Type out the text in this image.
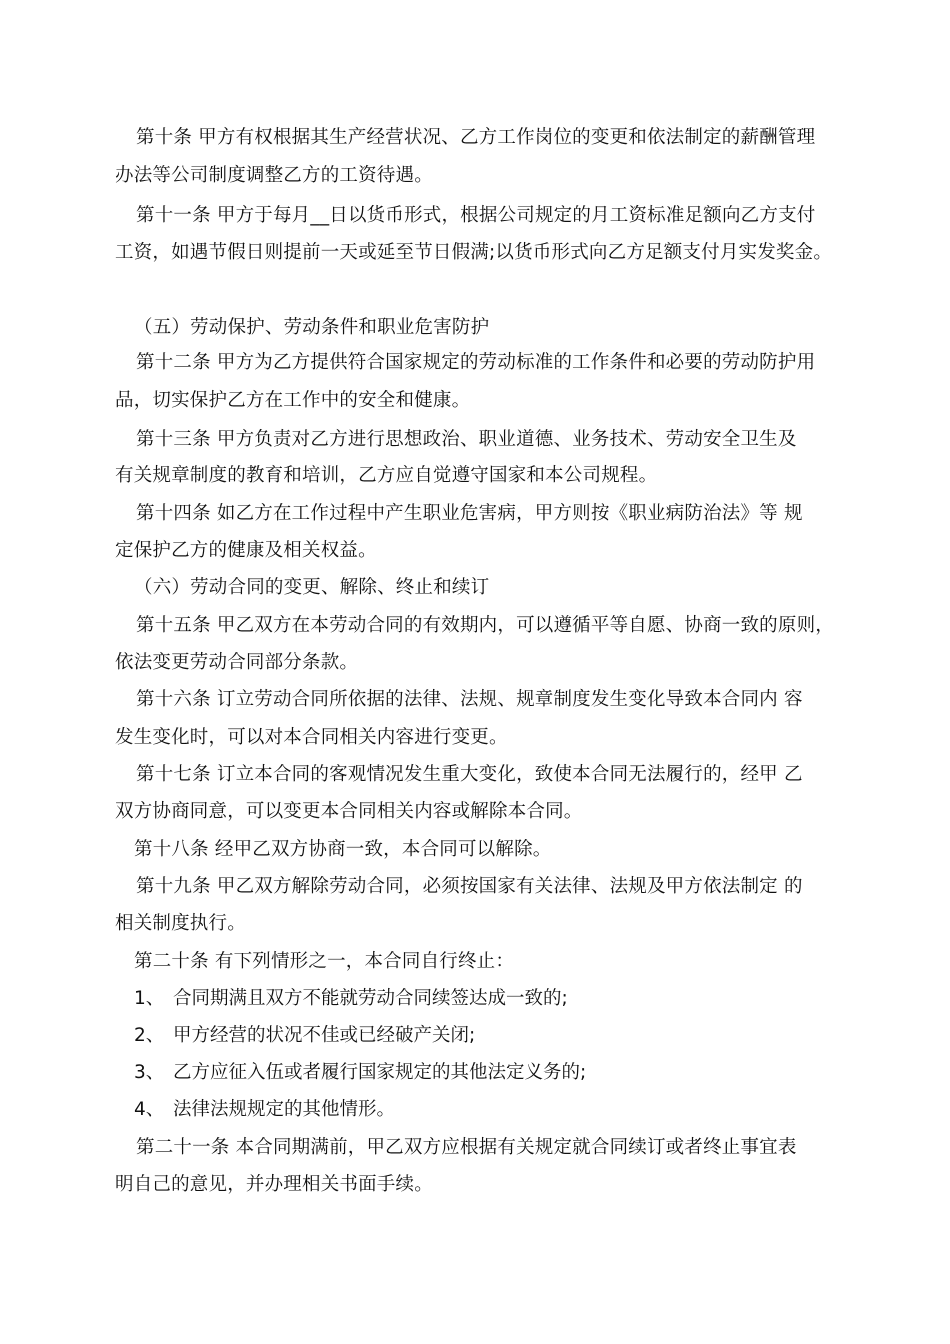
第十条 甲方有权根据其生产经营状况、乙方工作岗位的变更和依法制定的薪酬管理
办法等公司制度调整乙方的工资待遇。
第十一条 甲方于每月__日以货币形式，根据公司规定的月工资标准足额向乙方支付
工资，如遇节假日则提前一天或延至节日假满;以货币形式向乙方足额支付月实发奖金。
（五）劳动保护、劳动条件和职业危害防护
第十二条 甲方为乙方提供符合国家规定的劳动标准的工作条件和必要的劳动防护用
品，切实保护乙方在工作中的安全和健康。
第十三条 甲方负责对乙方进行思想政治、职业道德、业务技术、劳动安全卫生及
有关规章制度的教育和培训，乙方应自觉遵守国家和本公司规程。
第十四条 如乙方在工作过程中产生职业危害病，甲方则按《职业病防治法》等 规
定保护乙方的健康及相关权益。
（六）劳动合同的变更、解除、终止和续订
第十五条 甲乙双方在本劳动合同的有效期内，可以遵循平等自愿、协商一致的原则，
依法变更劳动合同部分条款。
第十六条 订立劳动合同所依据的法律、法规、规章制度发生变化导致本合同内 容
发生变化时，可以对本合同相关内容进行变更。
第十七条 订立本合同的客观情况发生重大变化，致使本合同无法履行的，经甲 乙
双方协商同意，可以变更本合同相关内容或解除本合同。
第十八条 经甲乙双方协商一致，本合同可以解除。
第十九条 甲乙双方解除劳动合同，必须按国家有关法律、法规及甲方依法制定 的
相关制度执行。
第二十条 有下列情形之一，本合同自行终止：
1、 合同期满且双方不能就劳动合同续签达成一致的;
2、 甲方经营的状况不佳或已经破产关闭;
3、 乙方应征入伍或者履行国家规定的其他法定义务的;
4、 法律法规规定的其他情形。
第二十一条 本合同期满前，甲乙双方应根据有关规定就合同续订或者终止事宜表
明自己的意见，并办理相关书面手续。
